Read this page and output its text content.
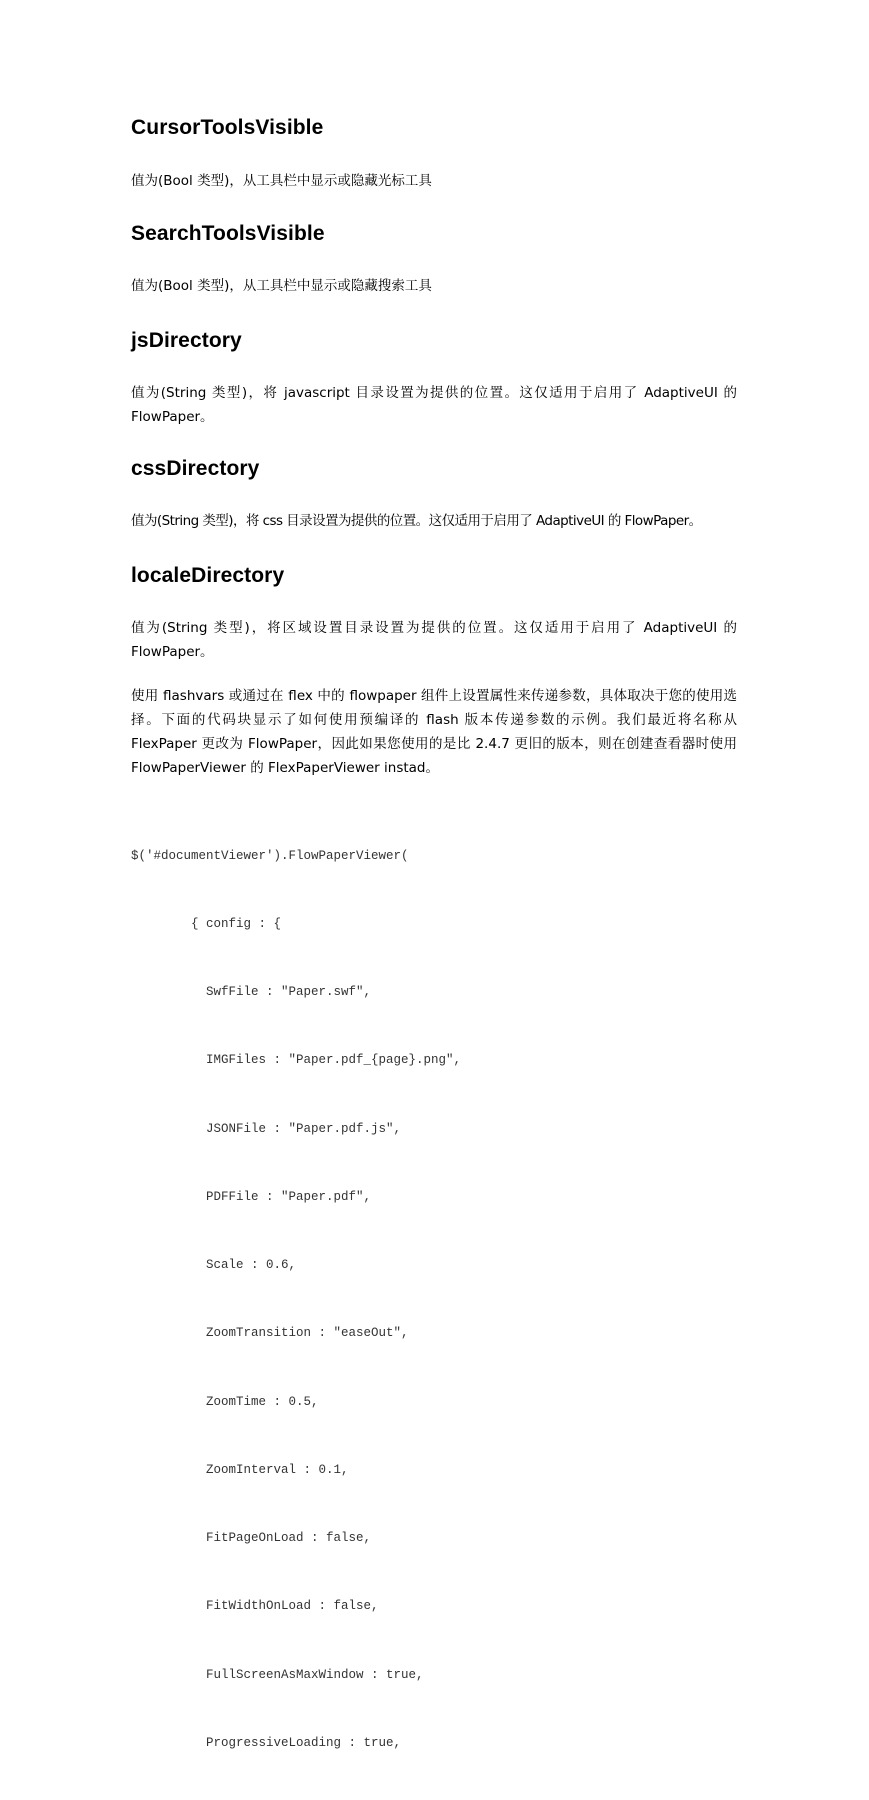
CursorToolsVisible

值为(Bool 类型)，从工具栏中显示或隐藏光标工具

SearchToolsVisible

值为(Bool 类型)，从工具栏中显示或隐藏搜索工具

jsDirectory

值为(String 类型)，将 javascript 目录设置为提供的位置。这仅适用于启用了 AdaptiveUI 的 FlowPaper。

cssDirectory

值为(String 类型)，将 css 目录设置为提供的位置。这仅适用于启用了 AdaptiveUI 的 FlowPaper。

localeDirectory

值为(String 类型)，将区域设置目录设置为提供的位置。这仅适用于启用了 AdaptiveUI 的 FlowPaper。

使用 flashvars 或通过在 flex 中的 flowpaper 组件上设置属性来传递参数，具体取决于您的使用选择。下面的代码块显示了如何使用预编译的 flash 版本传递参数的示例。我们最近将名称从 FlexPaper 更改为 FlowPaper，因此如果您使用的是比 2.4.7 更旧的版本，则在创建查看器时使用 FlowPaperViewer 的 FlexPaperViewer instad。

$('#documentViewer').FlowPaperViewer(

{ config : {

SwfFile : "Paper.swf",

IMGFiles : "Paper.pdf_{page}.png",

JSONFile : "Paper.pdf.js",

PDFFile : "Paper.pdf",

Scale : 0.6,

ZoomTransition : "easeOut",

ZoomTime : 0.5,

ZoomInterval : 0.1,

FitPageOnLoad : false,

FitWidthOnLoad : false,

FullScreenAsMaxWindow : true,

ProgressiveLoading : true,
